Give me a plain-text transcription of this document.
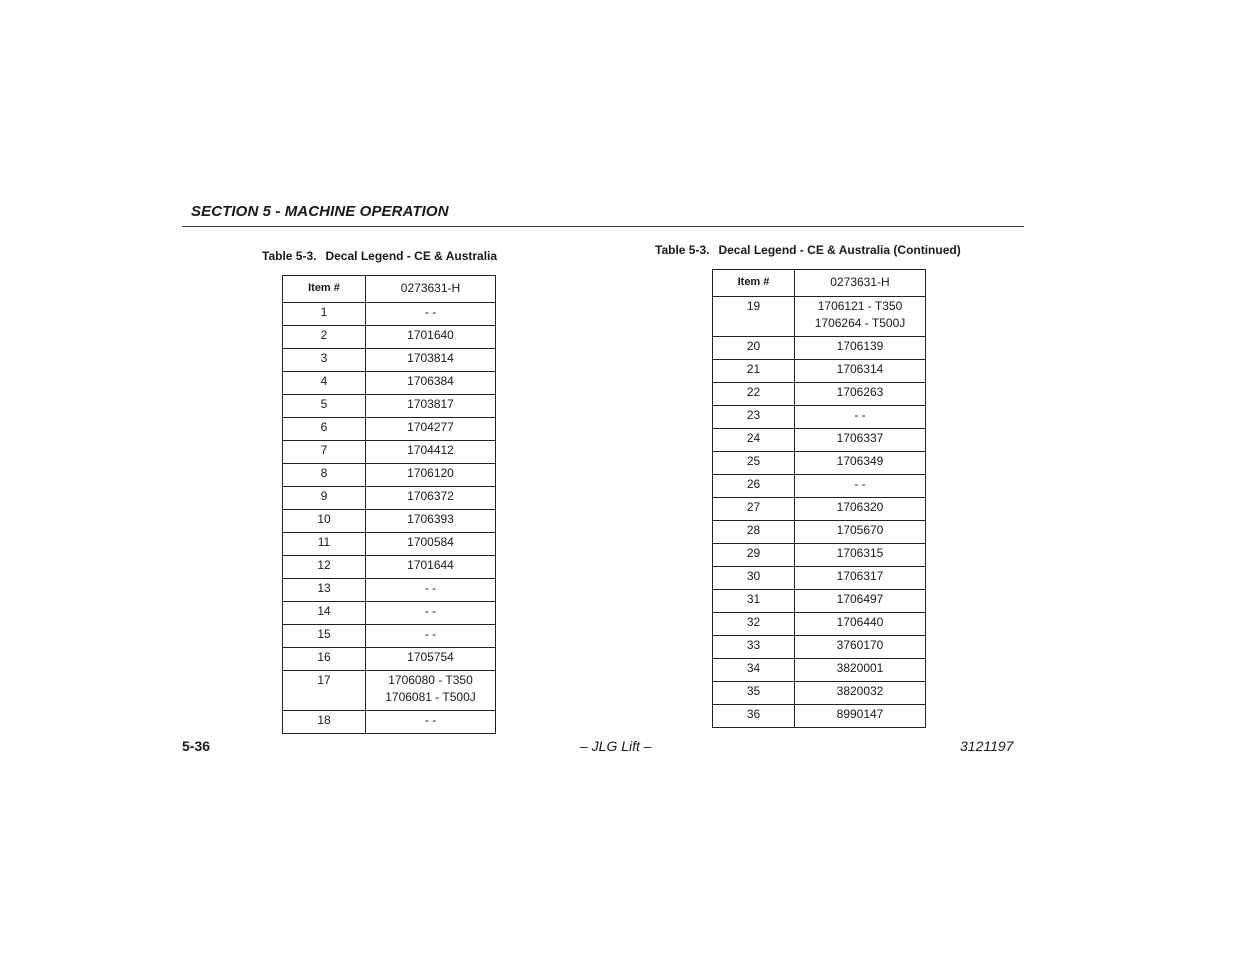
SECTION 5 - MACHINE OPERATION
Table 5-3. Decal Legend - CE & Australia
Item #	0273631-H
1	- -
2	1701640
3	1703814
4	1706384
5	1703817
6	1704277
7	1704412
8	1706120
9	1706372
10	1706393
11	1700584
12	1701644
13	- -
14	- -
15	- -
16	1705754
17	1706080 - T350
1706081 - T500J

18	- -
Table 5-3. Decal Legend - CE & Australia (Continued)
Item #	0273631-H
19	1706121 - T350
1706264 - T500J

20	1706139
21	1706314
22	1706263
23	- -
24	1706337
25	1706349
26	- -
27	1706320
28	1705670
29	1706315
30	1706317
31	1706497
32	1706440
33	3760170
34	3820001
35	3820032
36	8990147
5-36	– JLG Lift –	3121197
